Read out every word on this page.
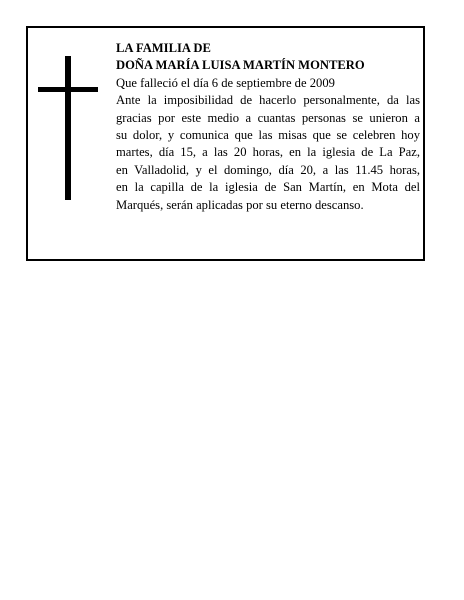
LA FAMILIA DE
DOÑA MARÍA LUISA MARTÍN MONTERO
Que falleció el día 6 de septiembre de 2009
Ante la imposibilidad de hacerlo personalmente, da las
gracias por este medio a cuantas personas se unieron a
su dolor, y comunica que las misas que se celebren hoy
martes, día 15, a las 20 horas, en la iglesia de La Paz,
en Valladolid, y el domingo, día 20, a las 11.45 horas,
en la capilla de la iglesia de San Martín, en Mota del
Marqués, serán aplicadas por su eterno descanso.
